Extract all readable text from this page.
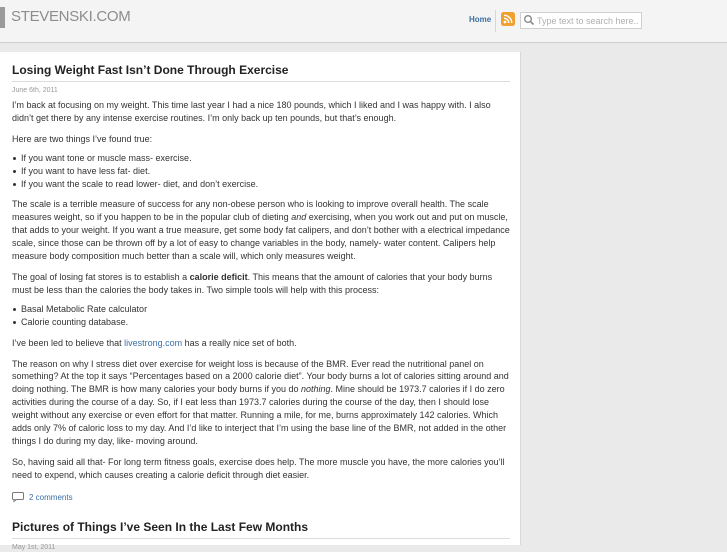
STEVENSKI.COM	Home
Type text to search here...
Losing Weight Fast Isn’t Done Through Exercise
June 6th, 2011

I’m back at focusing on my weight. This time last year I had a nice 180 pounds, which I liked and I was happy with. I also didn’t get there by any intense exercise routines. I’m only back up ten pounds, but that’s enough.

Here are two things I’ve found true:

If you want tone or muscle mass- exercise.
If you want to have less fat- diet.
If you want the scale to read lower- diet, and don’t exercise.

The scale is a terrible measure of success for any non-obese person who is looking to improve overall health. The scale measures weight, so if you happen to be in the popular club of dieting and exercising, when you work out and put on muscle, that adds to your weight. If you want a true measure, get some body fat calipers, and don’t bother with a electrical impedance scale, since those can be thrown off by a lot of easy to change variables in the body, namely- water content. Calipers help measure body composition much better than a scale will, which only measures weight.

The goal of losing fat stores is to establish a calorie deficit. This means that the amount of calories that your body burns must be less than the calories the body takes in. Two simple tools will help with this process:

Basal Metabolic Rate calculator
Calorie counting database.

I’ve been led to believe that livestrong.com has a really nice set of both.

The reason on why I stress diet over exercise for weight loss is because of the BMR. Ever read the nutritional panel on something? At the top it says “Percentages based on a 2000 calorie diet”. Your body burns a lot of calories sitting around and doing nothing. The BMR is how many calories your body burns if you do nothing. Mine should be 1973.7 calories if I do zero activities during the course of a day. So, if I eat less than 1973.7 calories during the course of the day, then I should lose weight without any exercise or even effort for that matter. Running a mile, for me, burns approximately 142 calories. Which adds only 7% of caloric loss to my day. And I’d like to interject that I’m using the base line of the BMR, not added in the other things I do during my day, like- moving around.

So, having said all that- For long term fitness goals, exercise does help. The more muscle you have, the more calories you’ll need to expend, which causes creating a calorie deficit through diet easier.

2 comments
Pictures of Things I’ve Seen In the Last Few Months
May 1st, 2011
